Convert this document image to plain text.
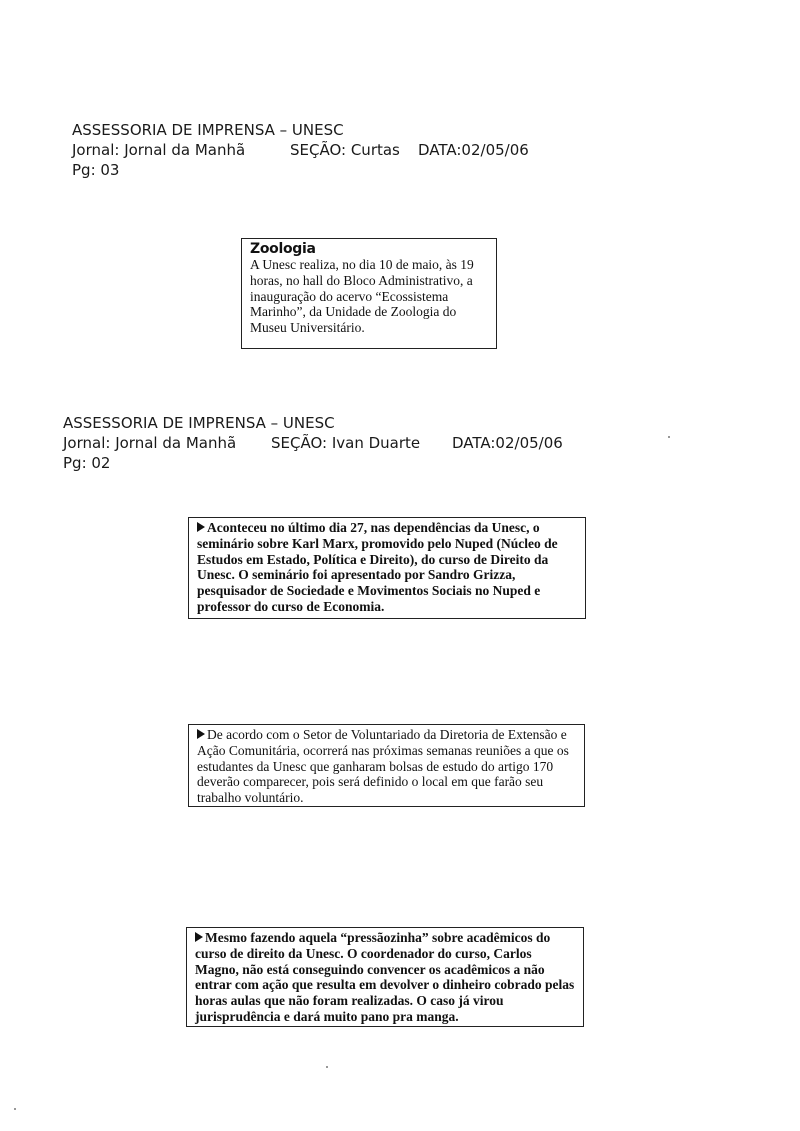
ASSESSORIA DE IMPRENSA – UNESC
Jornal: Jornal da Manhã	SEÇÃO: Curtas DATA:02/05/06
Pg: 03
Zoologia
A Unesc realiza, no dia 10 de maio, às 19 horas, no hall do Bloco Administrativo, a inauguração do acervo “Ecossistema Marinho”, da Unidade de Zoologia do Museu Universitário.
ASSESSORIA DE IMPRENSA – UNESC
Jornal: Jornal da Manhã SEÇÃO: Ivan Duarte DATA:02/05/06
Pg: 02
Aconteceu no último dia 27, nas dependências da Unesc, o seminário sobre Karl Marx, promovido pelo Nuped (Núcleo de Estudos em Estado, Política e Direito), do curso de Direito da Unesc. O seminário foi apresentado por Sandro Grizza, pesquisador de Sociedade e Movimentos Sociais no Nuped e professor do curso de Economia.
De acordo com o Setor de Voluntariado da Diretoria de Extensão e Ação Comunitária, ocorrerá nas próximas semanas reuniões a que os estudantes da Unesc que ganharam bolsas de estudo do artigo 170 deverão comparecer, pois será definido o local em que farão seu trabalho voluntário.
Mesmo fazendo aquela “pressãozinha” sobre acadêmicos do curso de direito da Unesc. O coordenador do curso, Carlos Magno, não está conseguindo convencer os acadêmicos a não entrar com ação que resulta em devolver o dinheiro cobrado pelas horas aulas que não foram realizadas. O caso já virou jurisprudência e dará muito pano pra manga.
